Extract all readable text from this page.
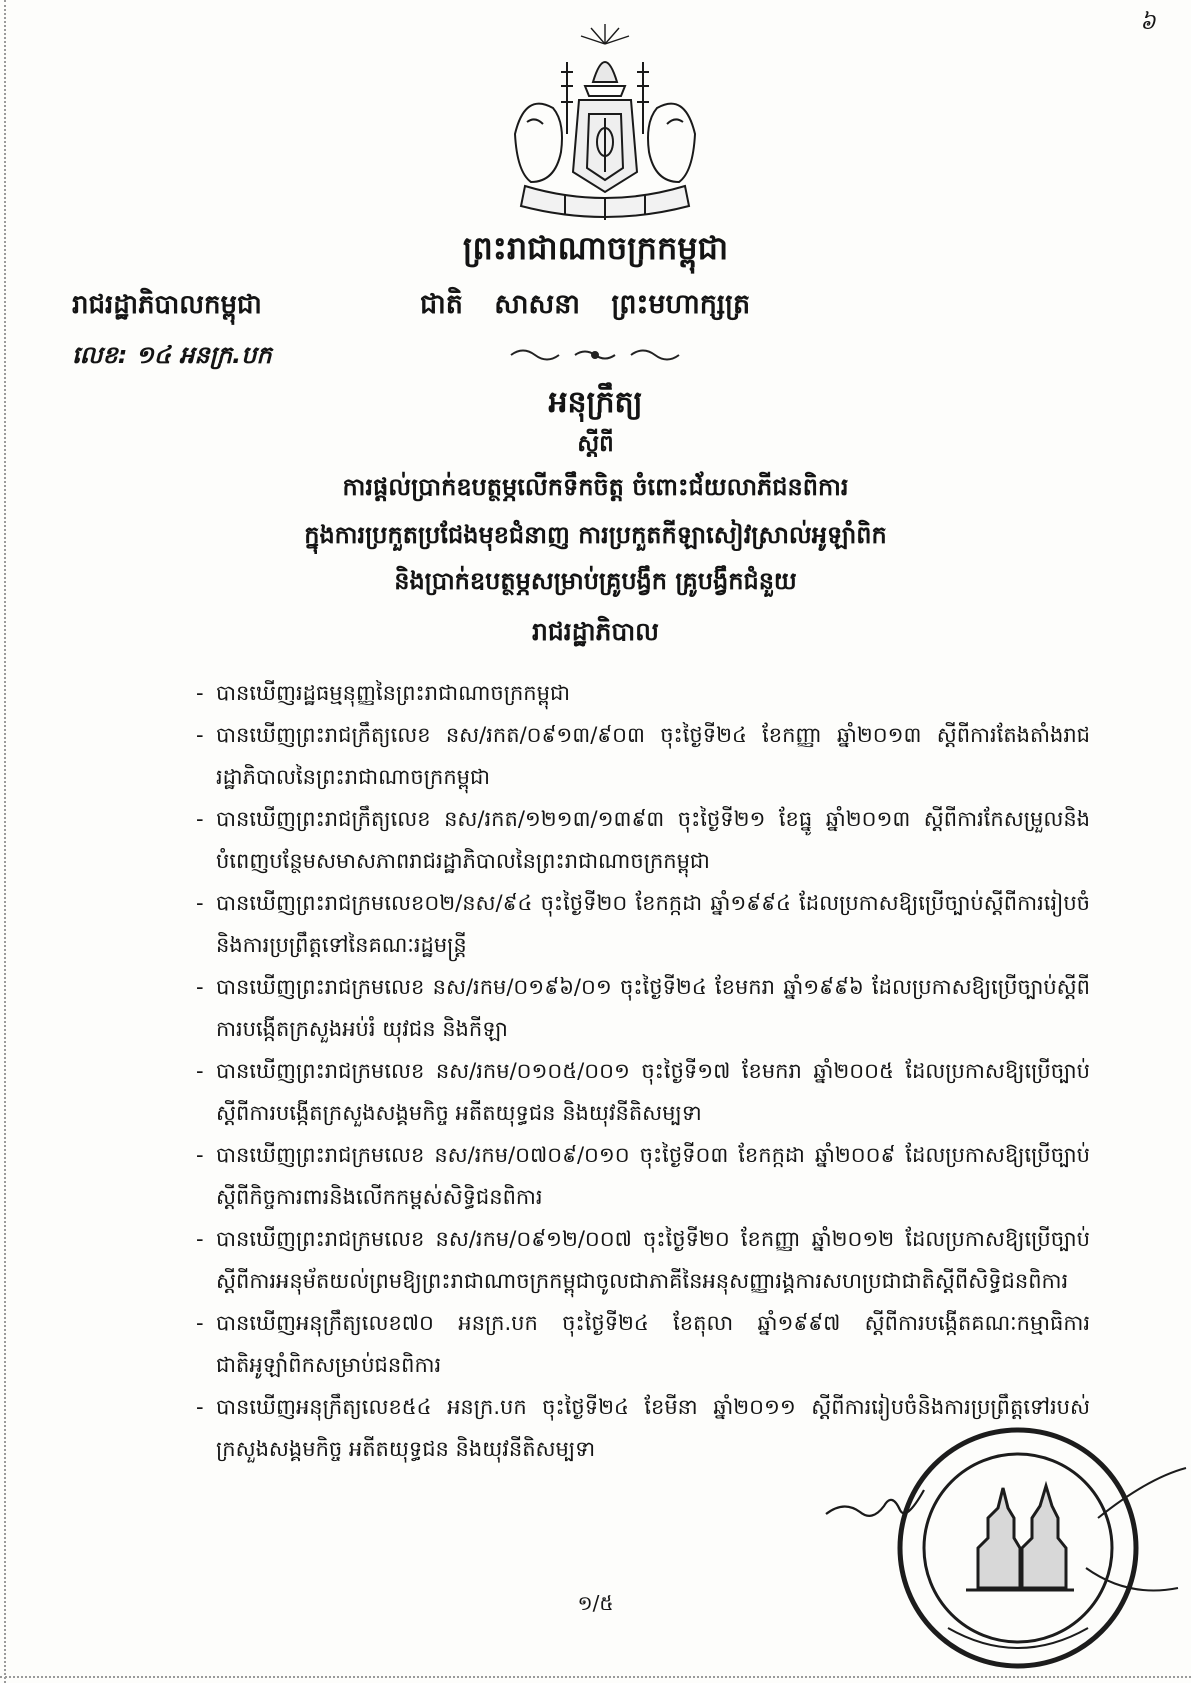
៦
ព្រះរាជាណាចក្រកម្ពុជា
រាជរដ្ឋាភិបាលកម្ពុជា	ជាតិ សាសនា ព្រះមហាក្សត្រ
លេខ: ១៤ អនក្រ.បក
អនុក្រឹត្យ
ស្តីពី
ការផ្តល់ប្រាក់ឧបត្ថម្ភលើកទឹកចិត្ត ចំពោះជ័យលាភីជនពិការ
ក្នុងការប្រកួតប្រជែងមុខជំនាញ ការប្រកួតកីឡាសៀវស្រាល់អូឡាំពិក
និងប្រាក់ឧបត្ថម្ភសម្រាប់គ្រូបង្វឹក គ្រូបង្វឹកជំនួយ
រាជរដ្ឋាភិបាល
- បានឃើញរដ្ឋធម្មនុញ្ញនៃព្រះរាជាណាចក្រកម្ពុជា
- បានឃើញព្រះរាជក្រឹត្យលេខ នស/រកត/០៩១៣/៩០៣ ចុះថ្ងៃទី២៤ ខែកញ្ញា ឆ្នាំ២០១៣ ស្តីពីការតែងតាំងរាជរដ្ឋាភិបាលនៃព្រះរាជាណាចក្រកម្ពុជា
- បានឃើញព្រះរាជក្រឹត្យលេខ នស/រកត/១២១៣/១៣៩៣ ចុះថ្ងៃទី២១ ខែធ្នូ ឆ្នាំ២០១៣ ស្តីពីការកែសម្រួលនិងបំពេញបន្ថែមសមាសភាពរាជរដ្ឋាភិបាលនៃព្រះរាជាណាចក្រកម្ពុជា
- បានឃើញព្រះរាជក្រមលេខ០២/នស/៩៤ ចុះថ្ងៃទី២០ ខែកក្កដា ឆ្នាំ១៩៩៤ ដែលប្រកាសឱ្យប្រើច្បាប់ស្តីពីការរៀបចំនិងការប្រព្រឹត្តទៅនៃគណៈរដ្ឋមន្ត្រី
- បានឃើញព្រះរាជក្រមលេខ នស/រកម/០១៩៦/០១ ចុះថ្ងៃទី២៤ ខែមករា ឆ្នាំ១៩៩៦ ដែលប្រកាសឱ្យប្រើច្បាប់ស្តីពីការបង្កើតក្រសួងអប់រំ យុវជន និងកីឡា
- បានឃើញព្រះរាជក្រមលេខ នស/រកម/០១០៥/០០១ ចុះថ្ងៃទី១៧ ខែមករា ឆ្នាំ២០០៥ ដែលប្រកាសឱ្យប្រើច្បាប់ស្តីពីការបង្កើតក្រសួងសង្គមកិច្ច អតីតយុទ្ធជន និងយុវនីតិសម្បទា
- បានឃើញព្រះរាជក្រមលេខ នស/រកម/០៧០៩/០១០ ចុះថ្ងៃទី០៣ ខែកក្កដា ឆ្នាំ២០០៩ ដែលប្រកាសឱ្យប្រើច្បាប់ស្តីពីកិច្ចការពារនិងលើកកម្ពស់សិទ្ធិជនពិការ
- បានឃើញព្រះរាជក្រមលេខ នស/រកម/០៩១២/០០៧ ចុះថ្ងៃទី២០ ខែកញ្ញា ឆ្នាំ២០១២ ដែលប្រកាសឱ្យប្រើច្បាប់ស្តីពីការអនុម័តយល់ព្រមឱ្យព្រះរាជាណាចក្រកម្ពុជាចូលជាភាគីនៃអនុសញ្ញារង្គការសហប្រជាជាតិស្តីពីសិទ្ធិជនពិការ
- បានឃើញអនុក្រឹត្យលេខ៧០ អនក្រ.បក ចុះថ្ងៃទី២៤ ខែតុលា ឆ្នាំ១៩៩៧ ស្តីពីការបង្កើតគណៈកម្មាធិការជាតិអូឡាំពិកសម្រាប់ជនពិការ
- បានឃើញអនុក្រឹត្យលេខ៥៤ អនក្រ.បក ចុះថ្ងៃទី២៤ ខែមីនា ឆ្នាំ២០១១ ស្តីពីការរៀបចំនិងការប្រព្រឹត្តទៅរបស់ក្រសួងសង្គមកិច្ច អតីតយុទ្ធជន និងយុវនីតិសម្បទា
១/៥
